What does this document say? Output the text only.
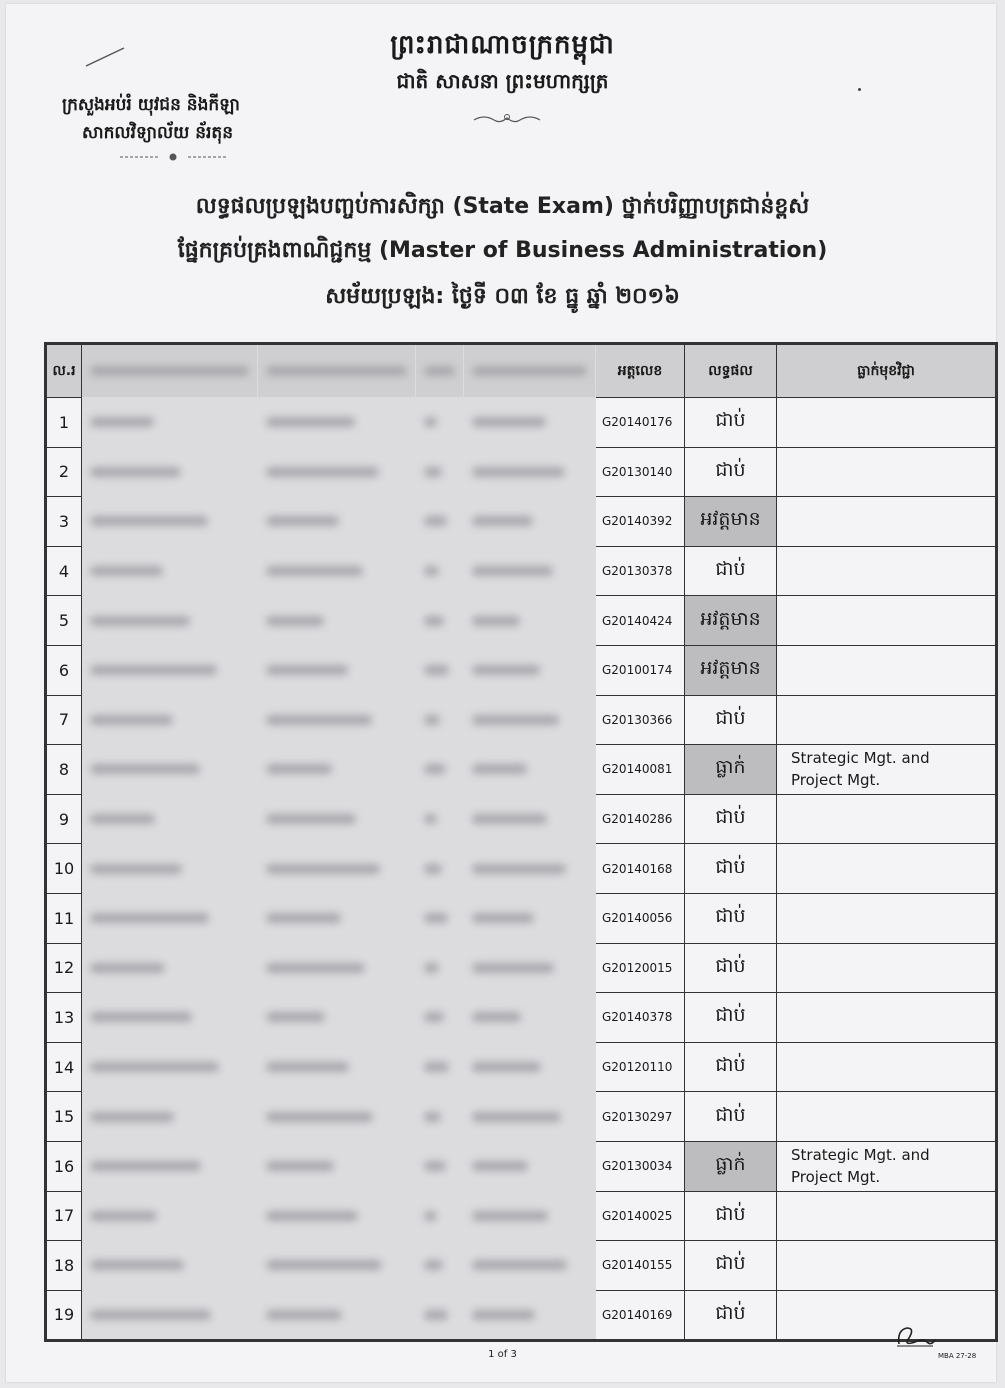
ព្រះរាជាណាចក្រកម្ពុជា
ជាតិ សាសនា ព្រះមហាក្សត្រ
ក្រសួងអប់រំ យុវជន និងកីឡា
សាកលវិទ្យាល័យ ន័រតុន
លទ្ធផលប្រឡងបញ្ចប់ការសិក្សា (State Exam) ថ្នាក់បរិញ្ញាបត្រជាន់ខ្ពស់
ផ្នែកគ្រប់គ្រងពាណិជ្ជកម្ម (Master of Business Administration)
សម័យប្រឡង: ថ្ងៃទី ០៣ ខែ ធ្នូ ឆ្នាំ ២០១៦
ល.រ					អត្តលេខ	លទ្ធផល	ធ្លាក់មុខវិជ្ជា
1					G20140176	ជាប់	
2					G20130140	ជាប់	
3					G20140392	អវត្តមាន	
4					G20130378	ជាប់	
5					G20140424	អវត្តមាន	
6					G20100174	អវត្តមាន	
7					G20130366	ជាប់	
8					G20140081	ធ្លាក់	Strategic Mgt. and Project Mgt.
9					G20140286	ជាប់	
10					G20140168	ជាប់	
11					G20140056	ជាប់	
12					G20120015	ជាប់	
13					G20140378	ជាប់	
14					G20120110	ជាប់	
15					G20130297	ជាប់	
16					G20130034	ធ្លាក់	Strategic Mgt. and Project Mgt.
17					G20140025	ជាប់	
18					G20140155	ជាប់	
19					G20140169	ជាប់	
1 of 3	MBA 27-28
